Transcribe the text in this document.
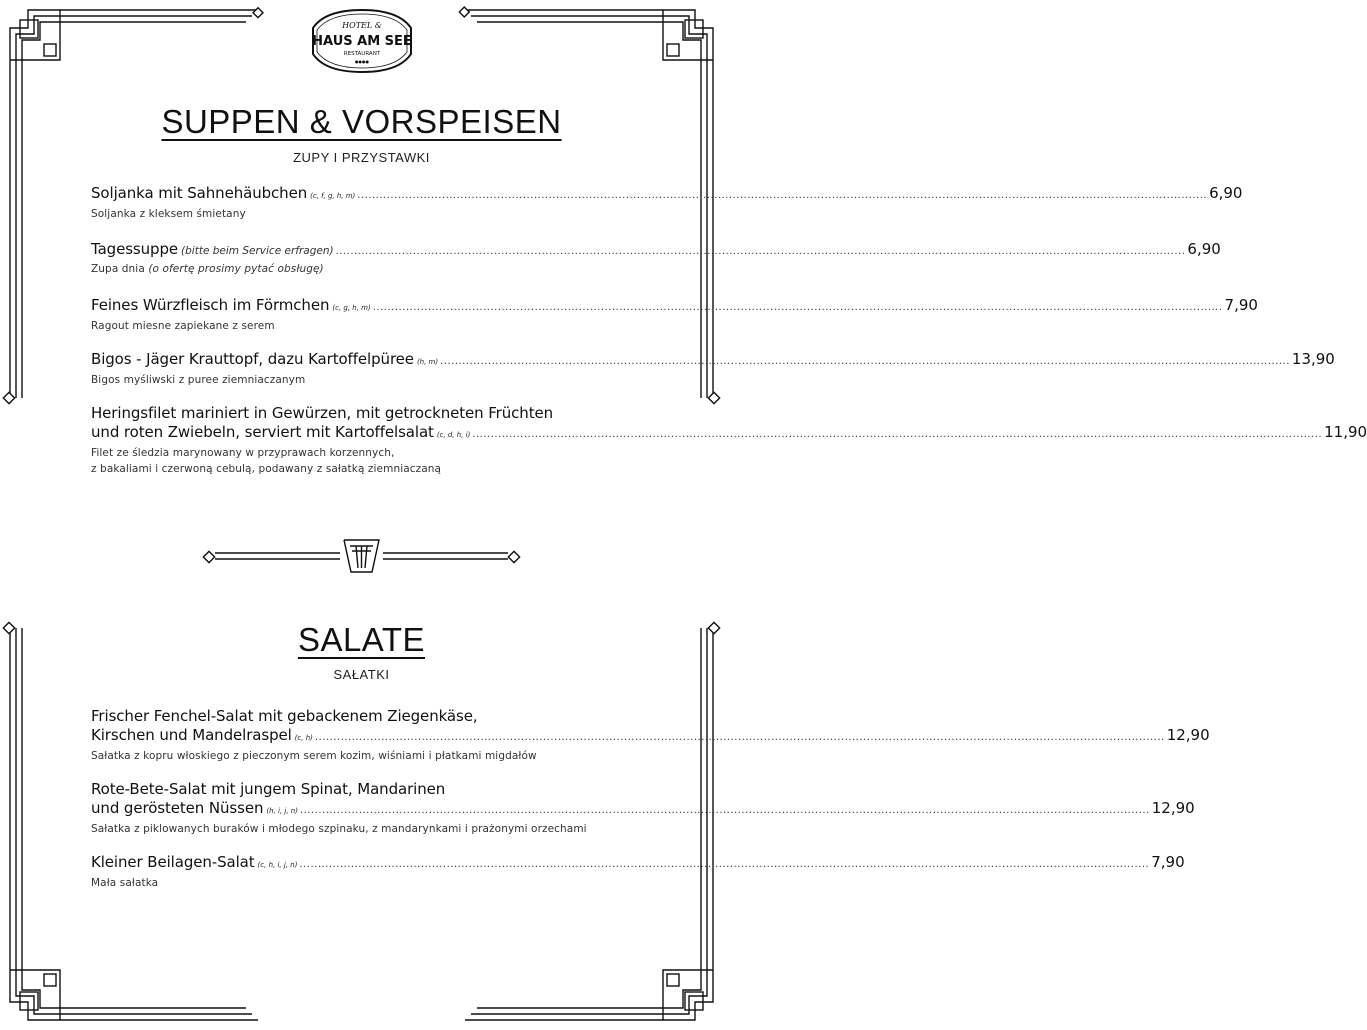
HOTEL &
HAUS AM SEE
RESTAURANT
●●●●
SUPPEN & VORSPEISEN
ZUPY I PRZYSTAWKI
Soljanka mit Sahnehäubchen (c, f, g, h, m) ....................................................................................................................................................................................................................................... 6,90
Soljanka z kleksem śmietany
Tagessuppe (bitte beim Service erfragen) ....................................................................................................................................................................................................................................... 6,90
Zupa dnia (o ofertę prosimy pytać obsługę)
Feines Würzfleisch im Förmchen (c, g, h, m) ....................................................................................................................................................................................................................................... 7,90
Ragout miesne zapiekane z serem
Bigos - Jäger Krauttopf, dazu Kartoffelpüree (h, m) ....................................................................................................................................................................................................................................... 13,90
Bigos myśliwski z puree ziemniaczanym
Heringsfilet mariniert in Gewürzen, mit getrockneten Früchten
und roten Zwiebeln, serviert mit Kartoffelsalat (c, d, h, i) ....................................................................................................................................................................................................................................... 11,90
Filet ze śledzia marynowany w przyprawach korzennych,
z bakaliami i czerwoną cebulą, podawany z sałatką ziemniaczaną
SALATE
SAŁATKI
Frischer Fenchel-Salat mit gebackenem Ziegenkäse,
Kirschen und Mandelraspel (c, h) ....................................................................................................................................................................................................................................... 12,90
Sałatka z kopru włoskiego z pieczonym serem kozim, wiśniami i płatkami migdałów
Rote-Bete-Salat mit jungem Spinat, Mandarinen
und gerösteten Nüssen (h, i, j, n) ....................................................................................................................................................................................................................................... 12,90
Sałatka z piklowanych buraków i młodego szpinaku, z mandarynkami i prażonymi orzechami
Kleiner Beilagen-Salat (c, h, i, j, n) ....................................................................................................................................................................................................................................... 7,90
Mała sałatka
